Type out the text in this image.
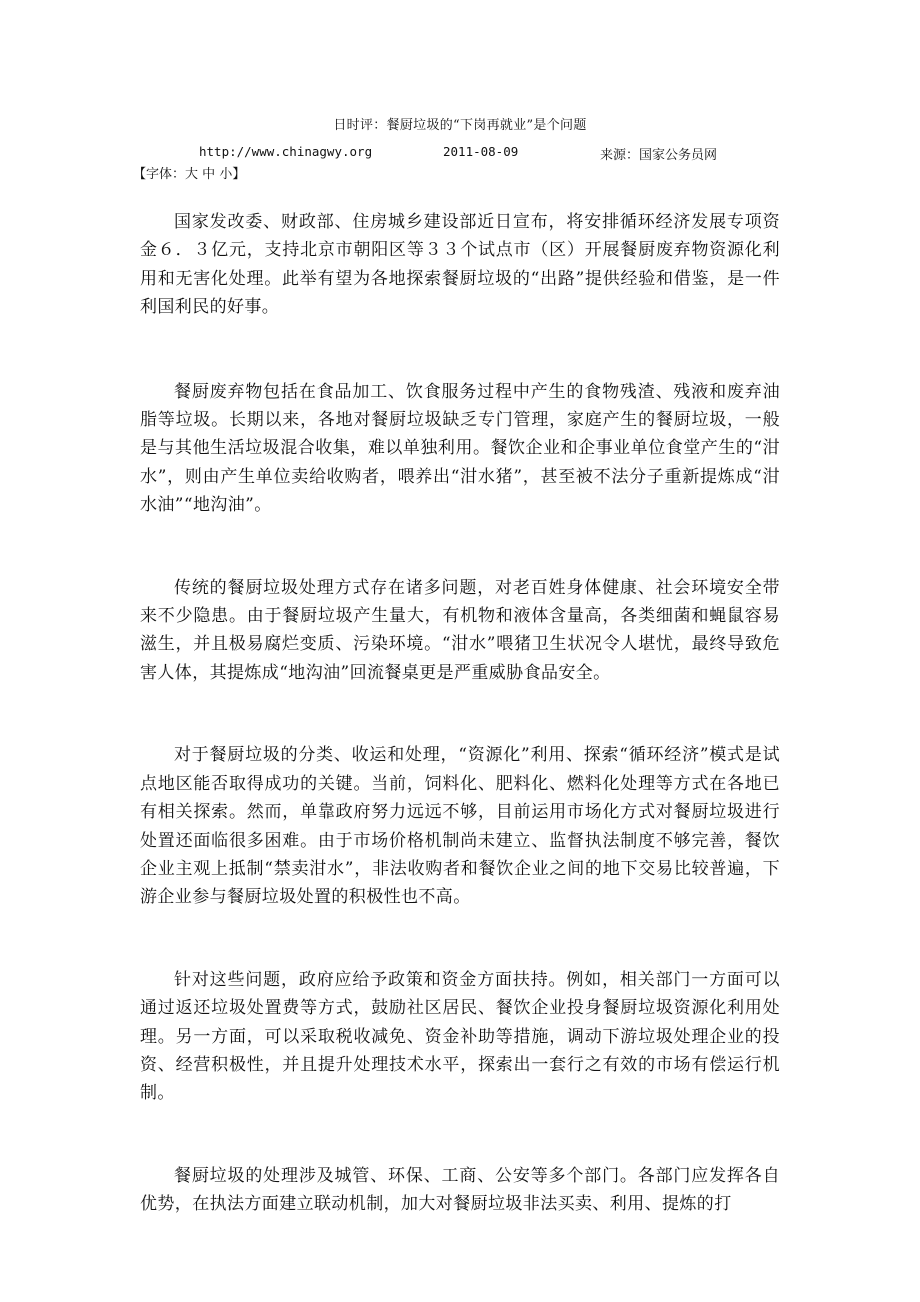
日时评：餐厨垃圾的“下岗再就业”是个问题
http://www.chinagwy.org	2011-08-09	来源：国家公务员网
【字体：大 中 小】

国家发改委、财政部、住房城乡建设部近日宣布，将安排循环经济发展专项资金６．３亿元，支持北京市朝阳区等３３个试点市（区）开展餐厨废弃物资源化利用和无害化处理。此举有望为各地探索餐厨垃圾的“出路”提供经验和借鉴，是一件利国利民的好事。

餐厨废弃物包括在食品加工、饮食服务过程中产生的食物残渣、残液和废弃油脂等垃圾。长期以来，各地对餐厨垃圾缺乏专门管理，家庭产生的餐厨垃圾，一般是与其他生活垃圾混合收集，难以单独利用。餐饮企业和企事业单位食堂产生的“泔水”，则由产生单位卖给收购者，喂养出“泔水猪”，甚至被不法分子重新提炼成“泔水油”“地沟油”。

传统的餐厨垃圾处理方式存在诸多问题，对老百姓身体健康、社会环境安全带来不少隐患。由于餐厨垃圾产生量大，有机物和液体含量高，各类细菌和蝇鼠容易滋生，并且极易腐烂变质、污染环境。“泔水”喂猪卫生状况令人堪忧，最终导致危害人体，其提炼成“地沟油”回流餐桌更是严重威胁食品安全。

对于餐厨垃圾的分类、收运和处理，“资源化”利用、探索“循环经济”模式是试点地区能否取得成功的关键。当前，饲料化、肥料化、燃料化处理等方式在各地已有相关探索。然而，单靠政府努力远远不够，目前运用市场化方式对餐厨垃圾进行处置还面临很多困难。由于市场价格机制尚未建立、监督执法制度不够完善，餐饮企业主观上抵制“禁卖泔水”，非法收购者和餐饮企业之间的地下交易比较普遍，下游企业参与餐厨垃圾处置的积极性也不高。

针对这些问题，政府应给予政策和资金方面扶持。例如，相关部门一方面可以通过返还垃圾处置费等方式，鼓励社区居民、餐饮企业投身餐厨垃圾资源化利用处理。另一方面，可以采取税收减免、资金补助等措施，调动下游垃圾处理企业的投资、经营积极性，并且提升处理技术水平，探索出一套行之有效的市场有偿运行机制。

餐厨垃圾的处理涉及城管、环保、工商、公安等多个部门。各部门应发挥各自优势，在执法方面建立联动机制，加大对餐厨垃圾非法买卖、利用、提炼的打
